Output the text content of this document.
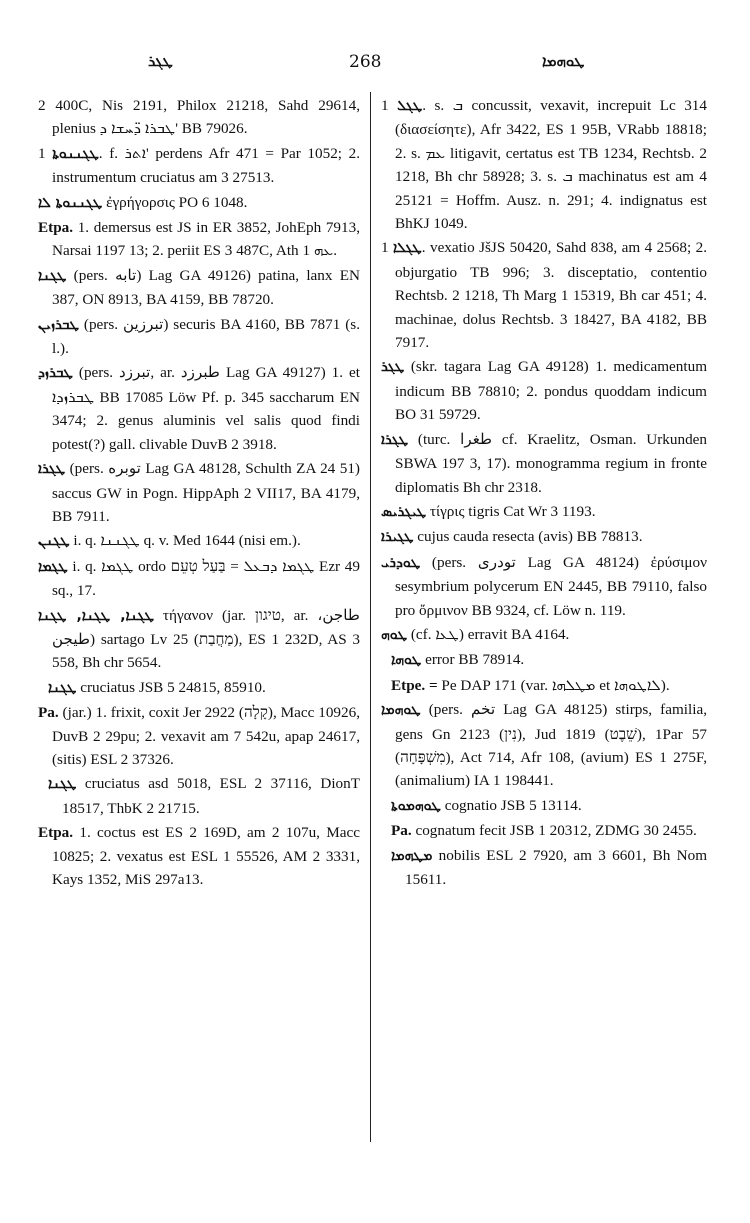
ܛܓܪ	268	ܛܘܗܡܐ
2 400C, Nis 2191, Philox 21218, Sahd 29614, plenius ܛܒܪܐ ܕ̈ܚܫܐ ܕ' BB 79026.
ܛܓܢܢܘܬܐ 1. f. ܐܬܪ' perdens Afr 471 = Par 1052; 2. instrumentum cruciatus am 3 27513.
ܛܓܢܢܘܬܐ ܠܐ ἐγρήγορσις PO 6 1048.
Etpa. 1. demersus est JS in ER 3852, JohEph 7913, Narsai 1197 13; 2. periit ES 3 487C, Ath ܥܗ 1.
ܛܓܢܐ (pers. تابه) Lag GA 49126) patina, lanx EN 387, ON 8913, BA 4159, BB 78720.
ܛܒܪܙܝܢ (pers. تبرزين) securis BA 4160, BB 7871 (s. l.).
ܛܒܪܙܕ (pers. تبرزد, ar. طبرزد Lag GA 49127) 1. et ܛܒܪܙܕܐ BB 17085 Löw Pf. p. 345 saccharum EN 3474; 2. genus aluminis vel salis quod findi potest(?) gall. clivable DuvB 2 3918.
ܛܓܪܐ (pers. توبره Lag GA 48128, Schulth ZA 24 51) saccus GW in Pogn. HippAph 2 VII17, BA 4179, BB 7911.
ܛܓܢܢ i. q. ܛܓܢܢܐ q. v. Med 1644 (nisi em.).
ܛܓܡܐ i. q. ܛܓܡܐ ordo ܛܓܡܐ ܕܒܥܠ = בַּעַל טְעֵם Ezr 49 sq., 17.
ܛܓܢܐ, ܛܓܢܐ, ܛܓܢܐ τήγανον (jar. טיגון, ar. طاجن، طيجن) sartago Lv 25 (מַחֲבַת), ES 1 232D, AS 3 558, Bh chr 5654.
ܛܓܢܐ cruciatus JSB 5 24815, 85910.
Pa. (jar.) 1. frixit, coxit Jer 2922 (קָלָה), Macc 10926, DuvB 2 29pu; 2. vexavit am 7 542u, apap 24617, (sitis) ESL 2 37326.
ܛܓܢܐ cruciatus asd 5018, ESL 2 37116, DionT 18517, ThbK 2 21715.
Etpa. 1. coctus est ES 2 169D, am 2 107u, Macc 10825; 2. vexatus est ESL 1 55526, AM 2 3331, Kays 1352, MiS 297a13.
ܛܓܠ 1. s. ܒ concussit, vexavit, increpuit Lc 314 (διασείσητε), Afr 3422, ES 1 95B, VRabb 18818; 2. s. ܥܡ litigavit, certatus est TB 1234, Rechtsb. 2 1218, Bh chr 58928; 3. s. ܒ machinatus est am 4 25121 = Hoffm. Ausz. n. 291; 4. indignatus est BhKJ 1049.
ܛܓܠܐ 1. vexatio JšJS 50420, Sahd 838, am 4 2568; 2. objurgatio TB 996; 3. disceptatio, contentio Rechtsb. 2 1218, Th Marg 1 15319, Bh car 451; 4. machinae, dolus Rechtsb. 3 18427, BA 4182, BB 7917.
ܛܓܪ (skr. tagara Lag GA 49128) 1. medicamentum indicum BB 78810; 2. pondus quoddam indicum BO 31 59729.
ܛܓܪܐ (turc. طغرا cf. Kraelitz, Osman. Urkunden SBWA 197 3, 17). monogramma regium in fronte diplomatis Bh chr 2318.
ܛܝܓܪܝܣ τίγρις tigris Cat Wr 3 1193.
ܛܓܝܪܐ cujus cauda resecta (avis) BB 78813.
ܛܘܕܪܝ (pers. تودری Lag GA 48124) ἐρύσιμον sesymbrium polycerum EN 2445, BB 79110, falso pro ὄρμινον BB 9324, cf. Löw n. 119.
ܛܘܗ (cf. ܛܥܐ) erravit BA 4164.
ܛܘܗܐ error BB 78914.
Etpe. = Pe DAP 171 (var. ܡܛܠܗܐ et ܠܐܛܘܗܐ).
ܛܘܗܡܐ (pers. تخم Lag GA 48125) stirps, familia, gens Gn 2123 (נִין), Jud 1819 (שֵׁבֶט), 1Par 57 (מִשְׁפָּחָה), Act 714, Afr 108, (avium) ES 1 275F, (animalium) IA 1 198441.
ܛܘܗܡܘܬܐ cognatio JSB 5 13114.
Pa. cognatum fecit JSB 1 20312, ZDMG 30 2455.
ܡܛܗܡܐ nobilis ESL 2 7920, am 3 6601, Bh Nom 15611.
